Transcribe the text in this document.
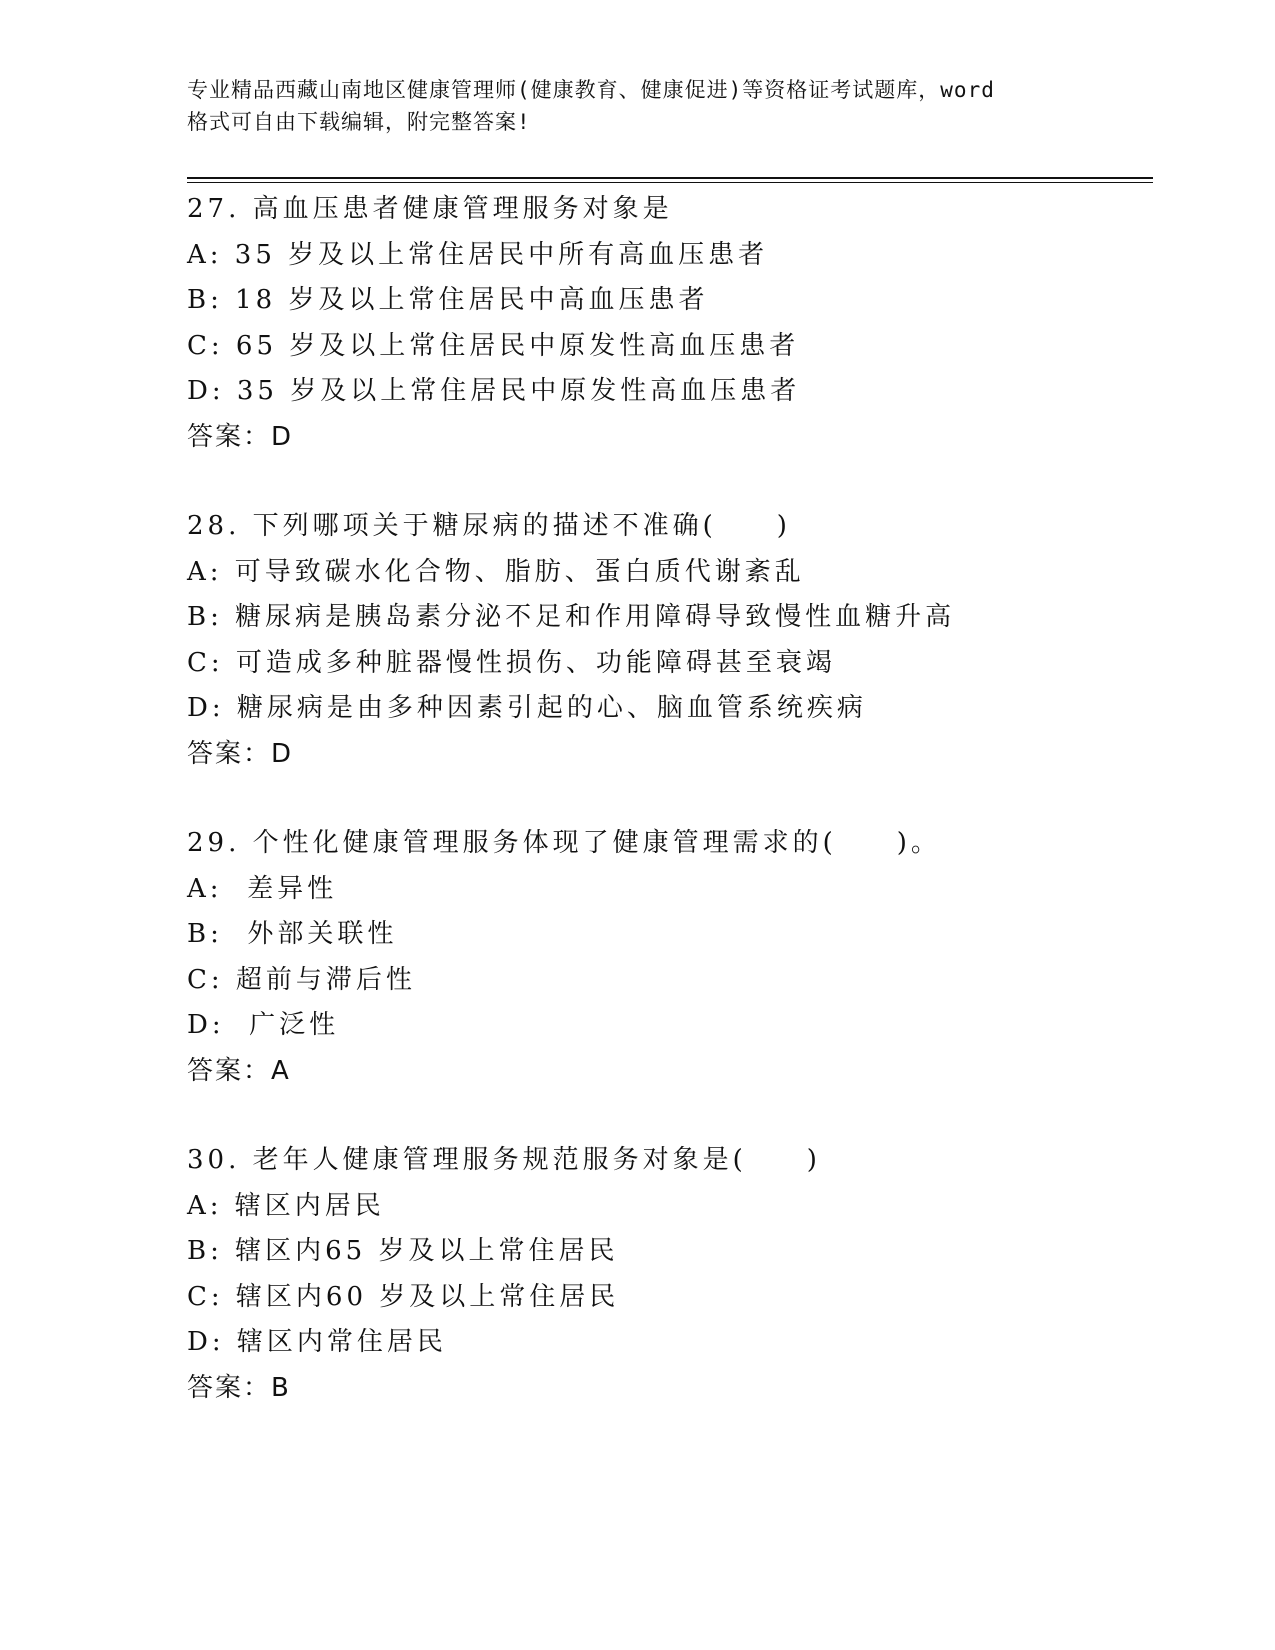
专业精品西藏山南地区健康管理师(健康教育、健康促进)等资格证考试题库，word
格式可自由下载编辑，附完整答案!
27. 高血压患者健康管理服务对象是
A: 35 岁及以上常住居民中所有高血压患者
B: 18 岁及以上常住居民中高血压患者
C: 65 岁及以上常住居民中原发性高血压患者
D: 35 岁及以上常住居民中原发性高血压患者
答案：D
28. 下列哪项关于糖尿病的描述不准确(　　)
A: 可导致碳水化合物、脂肪、蛋白质代谢紊乱
B: 糖尿病是胰岛素分泌不足和作用障碍导致慢性血糖升高
C: 可造成多种脏器慢性损伤、功能障碍甚至衰竭
D: 糖尿病是由多种因素引起的心、脑血管系统疾病
答案：D
29. 个性化健康管理服务体现了健康管理需求的(　　)。
A:  差异性
B:  外部关联性
C: 超前与滞后性
D:  广泛性
答案：A
30. 老年人健康管理服务规范服务对象是(　　)
A: 辖区内居民
B: 辖区内65 岁及以上常住居民
C: 辖区内60 岁及以上常住居民
D: 辖区内常住居民
答案：B
